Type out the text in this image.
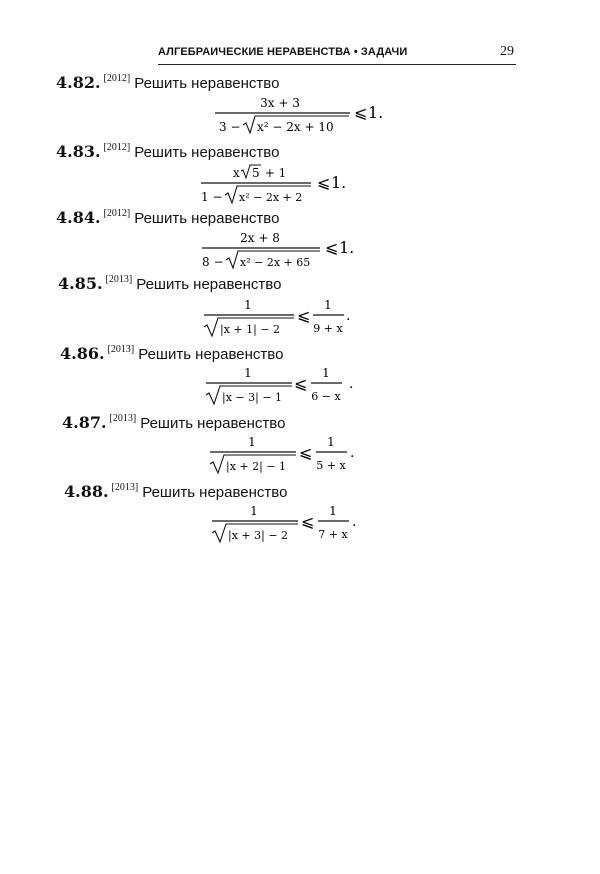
АЛГЕБРАИЧЕСКИЕ НЕРАВЕНСТВА • ЗАДАЧИ	29
4.82. [2012] Решить неравенство
3x + 3
3 − x² − 2x + 10
⩽ 1.
4.83. [2012] Решить неравенство
x 5 + 1
1 − x² − 2x + 2
⩽ 1.
4.84. [2012] Решить неравенство
2x + 8
8 − x² − 2x + 65
⩽ 1.
4.85. [2013] Решить неравенство
1
|x + 1| − 2
⩽
1
9 + x
.
4.86. [2013] Решить неравенство
1
|x − 3| − 1
⩽
1
6 − x
.
4.87. [2013] Решить неравенство
1
|x + 2| − 1
⩽
1
5 + x
.
4.88. [2013] Решить неравенство
1
|x + 3| − 2
⩽
1
7 + x
.
